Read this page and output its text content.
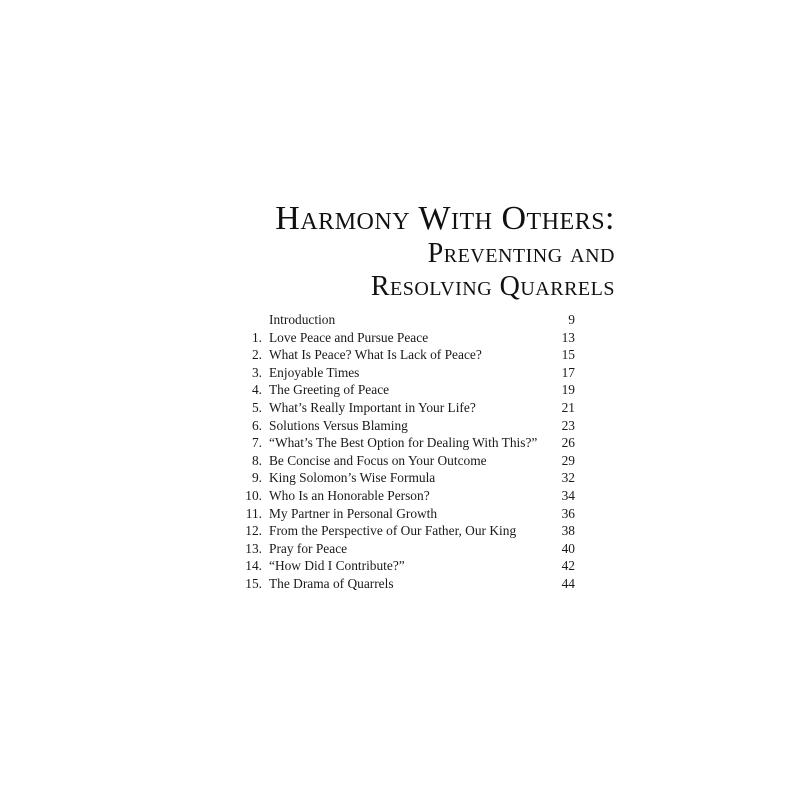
Harmony With Others:
Preventing and
Resolving Quarrels
Introduction	9
1. Love Peace and Pursue Peace	13
2. What Is Peace? What Is Lack of Peace?	15
3. Enjoyable Times	17
4. The Greeting of Peace	19
5. What’s Really Important in Your Life?	21
6. Solutions Versus Blaming	23
7. “What’s The Best Option for Dealing With This?”	26
8. Be Concise and Focus on Your Outcome	29
9. King Solomon’s Wise Formula	32
10. Who Is an Honorable Person?	34
11. My Partner in Personal Growth	36
12. From the Perspective of Our Father, Our King	38
13. Pray for Peace	40
14. “How Did I Contribute?”	42
15. The Drama of Quarrels	44
